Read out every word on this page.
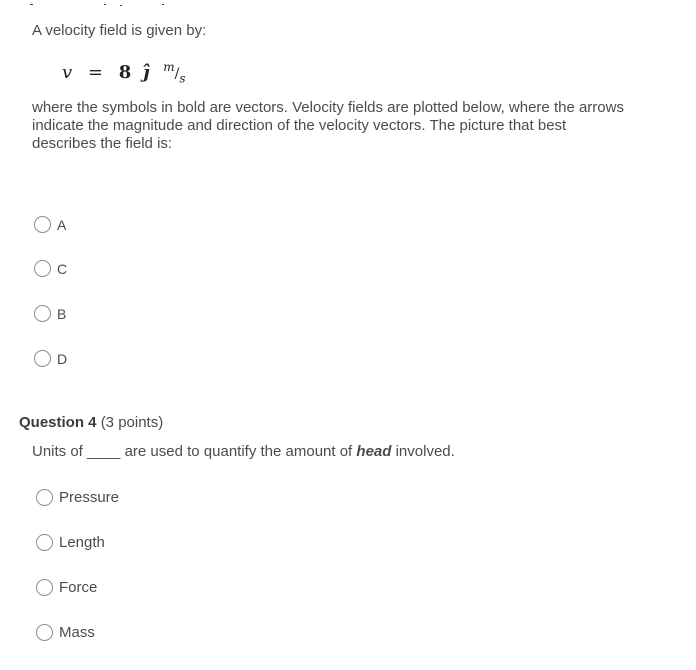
A velocity field is given by:
v = 8 ĵ $^m/_s$
where the symbols in bold are vectors. Velocity fields are plotted below, where the arrows indicate the magnitude and direction of the velocity vectors. The picture that best describes the field is:
A
C
B
D
Question 4 (3 points)
Units of ____ are used to quantify the amount of head involved.
Pressure
Length
Force
Mass
